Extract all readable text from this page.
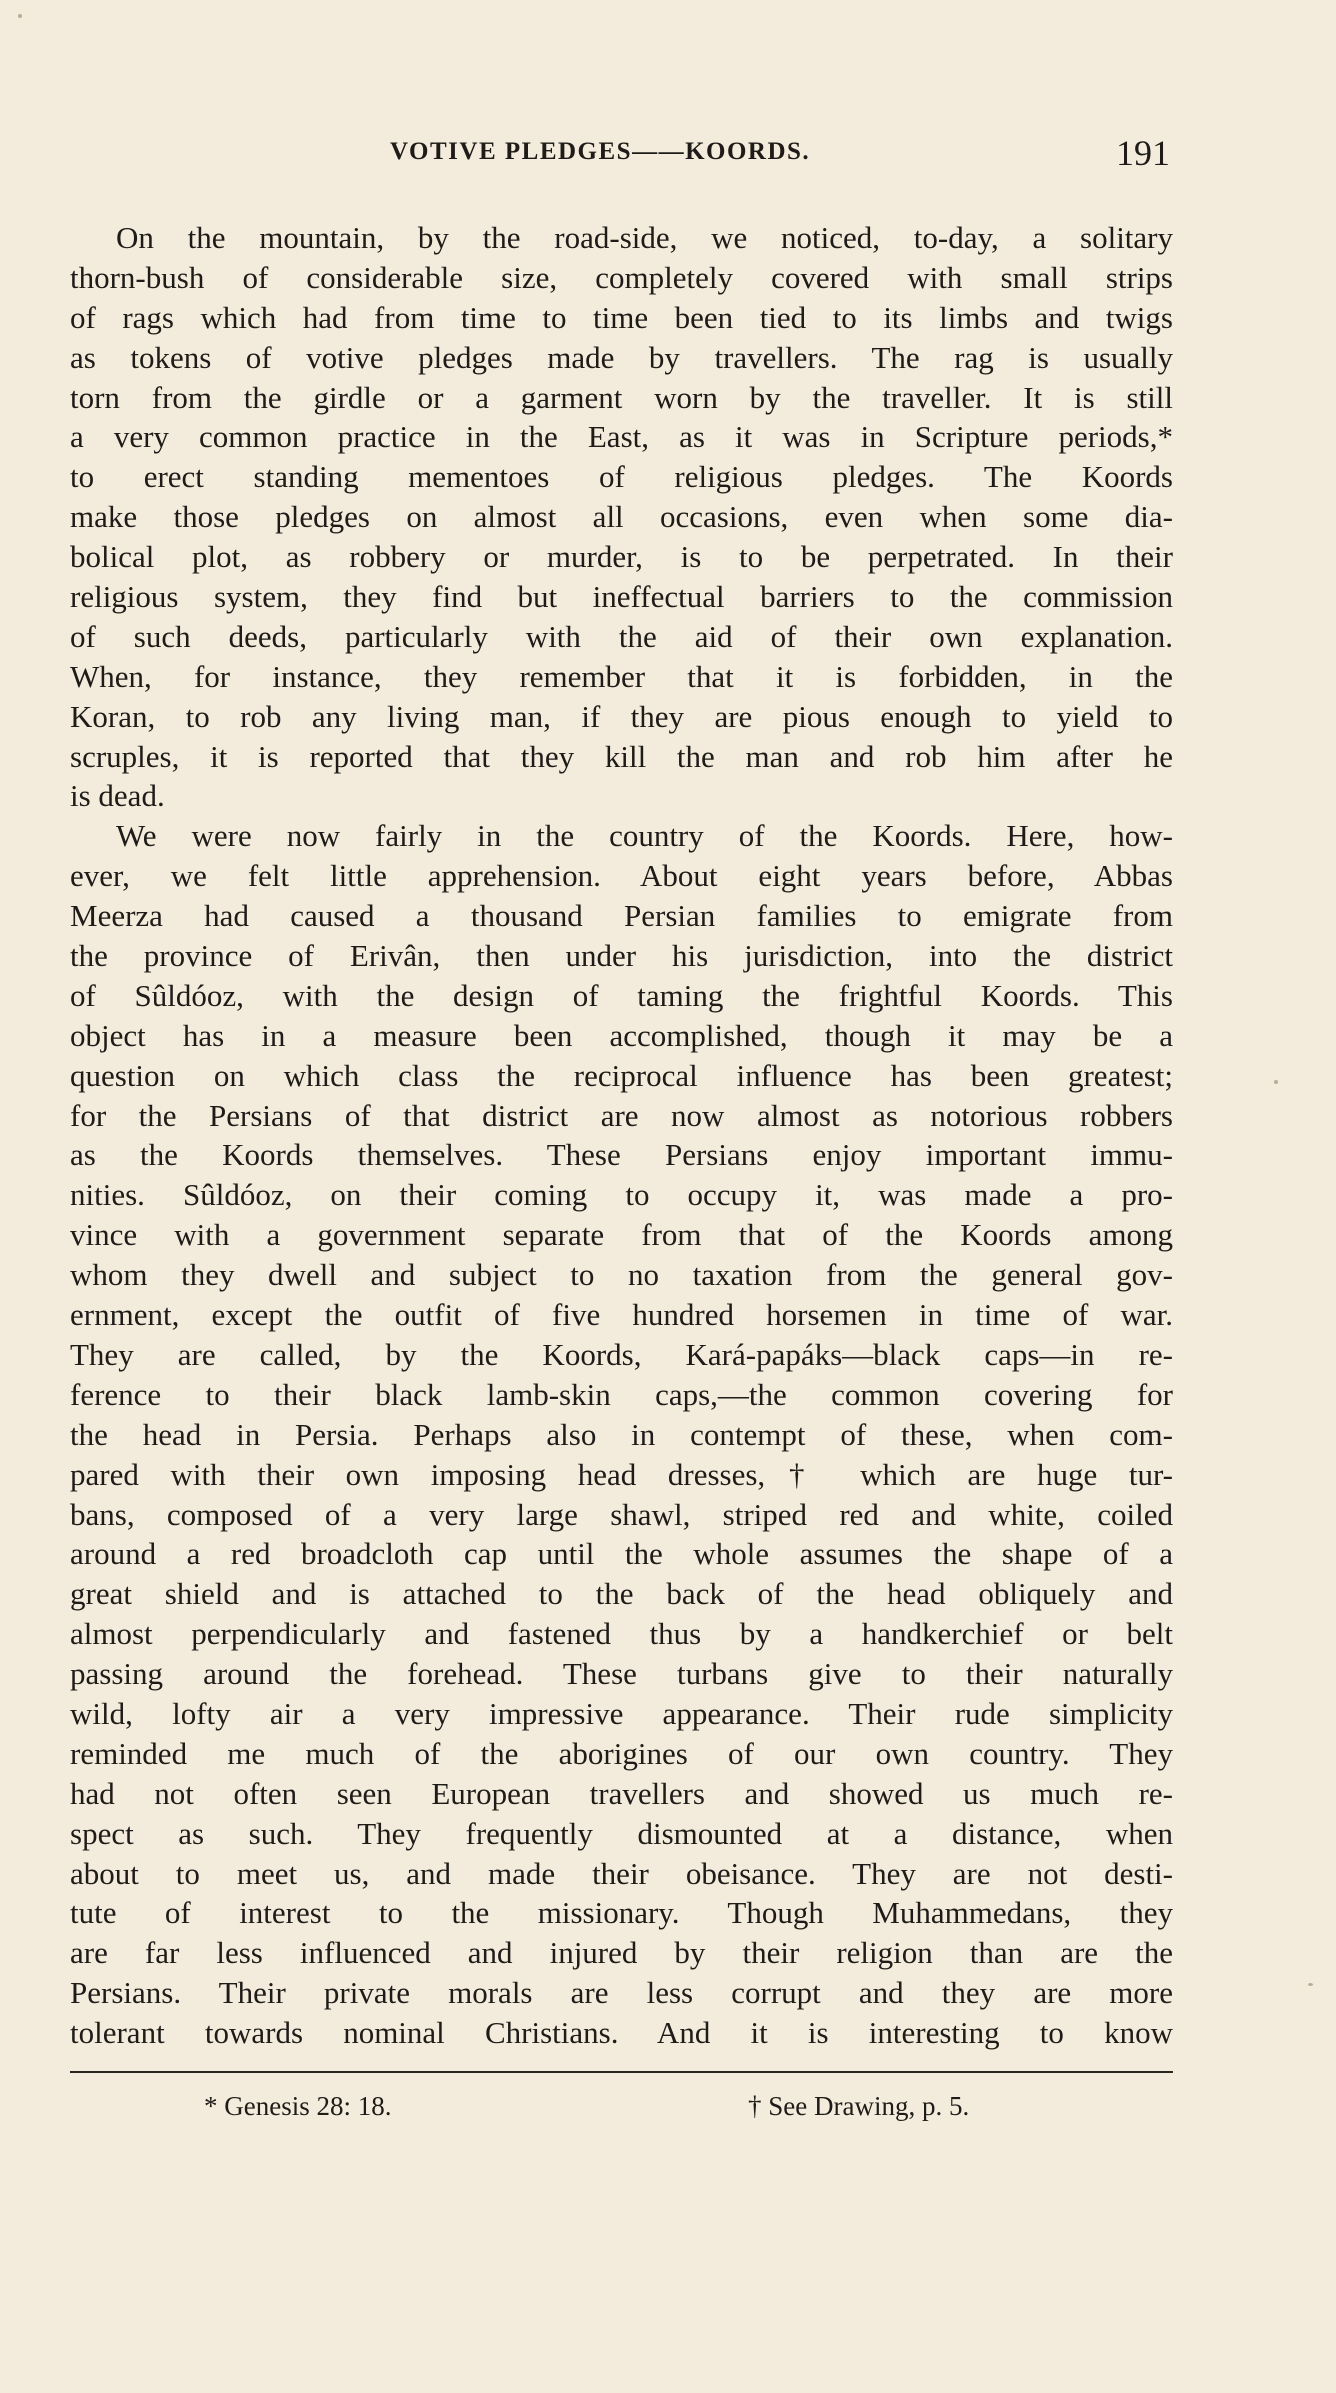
VOTIVE PLEDGES——KOORDS.	191
On the mountain, by the road-side, we noticed, to-day, a solitary
thorn-bush of considerable size, completely covered with small strips
of rags which had from time to time been tied to its limbs and twigs
as tokens of votive pledges made by travellers. The rag is usually
torn from the girdle or a garment worn by the traveller. It is still
a very common practice in the East, as it was in Scripture periods,*
to erect standing mementoes of religious pledges. The Koords
make those pledges on almost all occasions, even when some dia-
bolical plot, as robbery or murder, is to be perpetrated. In their
religious system, they find but ineffectual barriers to the commission
of such deeds, particularly with the aid of their own explanation.
When, for instance, they remember that it is forbidden, in the
Koran, to rob any living man, if they are pious enough to yield to
scruples, it is reported that they kill the man and rob him after he
is dead.
We were now fairly in the country of the Koords. Here, how-
ever, we felt little apprehension. About eight years before, Abbas
Meerza had caused a thousand Persian families to emigrate from
the province of Erivân, then under his jurisdiction, into the district
of Sûldóoz, with the design of taming the frightful Koords. This
object has in a measure been accomplished, though it may be a
question on which class the reciprocal influence has been greatest;
for the Persians of that district are now almost as notorious robbers
as the Koords themselves. These Persians enjoy important immu-
nities. Sûldóoz, on their coming to occupy it, was made a pro-
vince with a government separate from that of the Koords among
whom they dwell and subject to no taxation from the general gov-
ernment, except the outfit of five hundred horsemen in time of war.
They are called, by the Koords, Kará-papáks—black caps—in re-
ference to their black lamb-skin caps,—the common covering for
the head in Persia. Perhaps also in contempt of these, when com-
pared with their own imposing head dresses,† which are huge tur-
bans, composed of a very large shawl, striped red and white, coiled
around a red broadcloth cap until the whole assumes the shape of a
great shield and is attached to the back of the head obliquely and
almost perpendicularly and fastened thus by a handkerchief or belt
passing around the forehead. These turbans give to their naturally
wild, lofty air a very impressive appearance. Their rude simplicity
reminded me much of the aborigines of our own country. They
had not often seen European travellers and showed us much re-
spect as such. They frequently dismounted at a distance, when
about to meet us, and made their obeisance. They are not desti-
tute of interest to the missionary. Though Muhammedans, they
are far less influenced and injured by their religion than are the
Persians. Their private morals are less corrupt and they are more
tolerant towards nominal Christians. And it is interesting to know
* Genesis 28: 18.	† See Drawing, p. 5.
